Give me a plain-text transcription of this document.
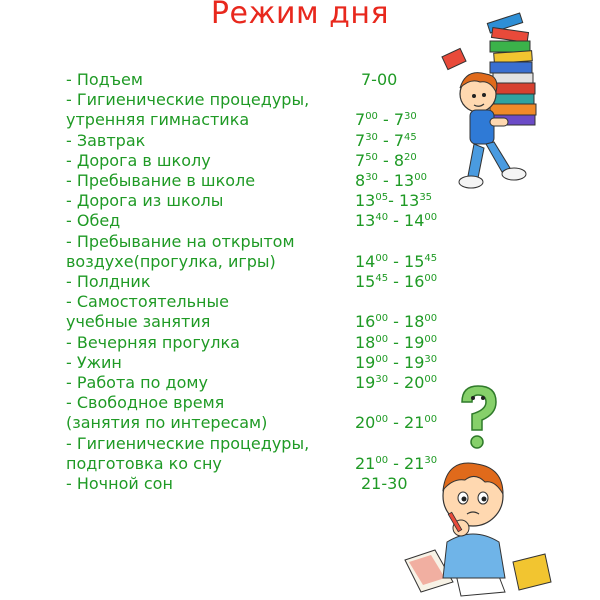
Режим дня
- Подъем	7-00
- Гигиенические процедуры,
утренняя гимнастика	$7^{00} - 7^{30}$
- Завтрак	$7^{30} - 7^{45}$
- Дорога в школу	$7^{50} - 8^{20}$
- Пребывание в школе	$8^{30} - 13^{00}$
- Дорога из школы	$13^{05}-$ $13^{35}$
- Обед	$13^{40} - 14^{00}$
- Пребывание на открытом
воздухе(прогулка, игры)	$14^{00} - 15^{45}$
- Полдник	$15^{45} - 16^{00}$
- Самостоятельные
учебные занятия	$16^{00} - 18^{00}$
- Вечерняя прогулка	$18^{00} - 19^{00}$
- Ужин	$19^{00} - 19^{30}$
- Работа по дому	$19^{30} - 20^{00}$
- Свободное время
(занятия по интересам)	$20^{00} - 21^{00}$
- Гигиенические процедуры,
подготовка ко сну	$21^{00} - 21^{30}$
- Ночной сон	21-30
